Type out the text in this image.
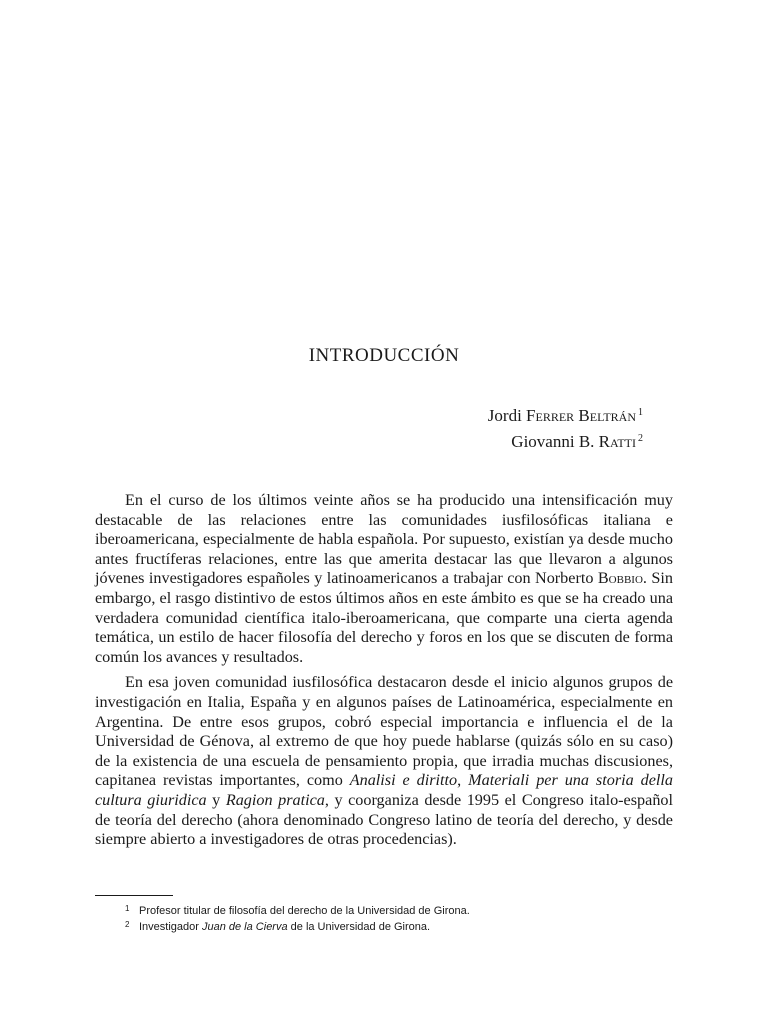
INTRODUCCIÓN
Jordi Ferrer Beltrán $^1$
Giovanni B. Ratti $^2$

En el curso de los últimos veinte años se ha producido una intensificación muy destacable de las relaciones entre las comunidades iusfilosóficas italiana e iberoamericana, especialmente de habla española. Por supuesto, existían ya desde mucho antes fructíferas relaciones, entre las que amerita destacar las que llevaron a algunos jóvenes investigadores españoles y latinoamericanos a trabajar con Norberto Bobbio. Sin embargo, el rasgo distintivo de estos últimos años en este ámbito es que se ha creado una verdadera comunidad científica italo-iberoamericana, que comparte una cierta agenda temática, un estilo de hacer filosofía del derecho y foros en los que se discuten de forma común los avances y resultados.

En esa joven comunidad iusfilosófica destacaron desde el inicio algunos grupos de investigación en Italia, España y en algunos países de Latinoamérica, especialmente en Argentina. De entre esos grupos, cobró especial importancia e influencia el de la Universidad de Génova, al extremo de que hoy puede hablarse (quizás sólo en su caso) de la existencia de una escuela de pensamiento propia, que irradia muchas discusiones, capitanea revistas importantes, como Analisi e diritto, Materiali per una storia della cultura giuridica y Ragion pratica, y coorganiza desde 1995 el Congreso italo-español de teoría del derecho (ahora denominado Congreso latino de teoría del derecho, y desde siempre abierto a investigadores de otras procedencias).

1 Profesor titular de filosofía del derecho de la Universidad de Girona.
2 Investigador Juan de la Cierva de la Universidad de Girona.
